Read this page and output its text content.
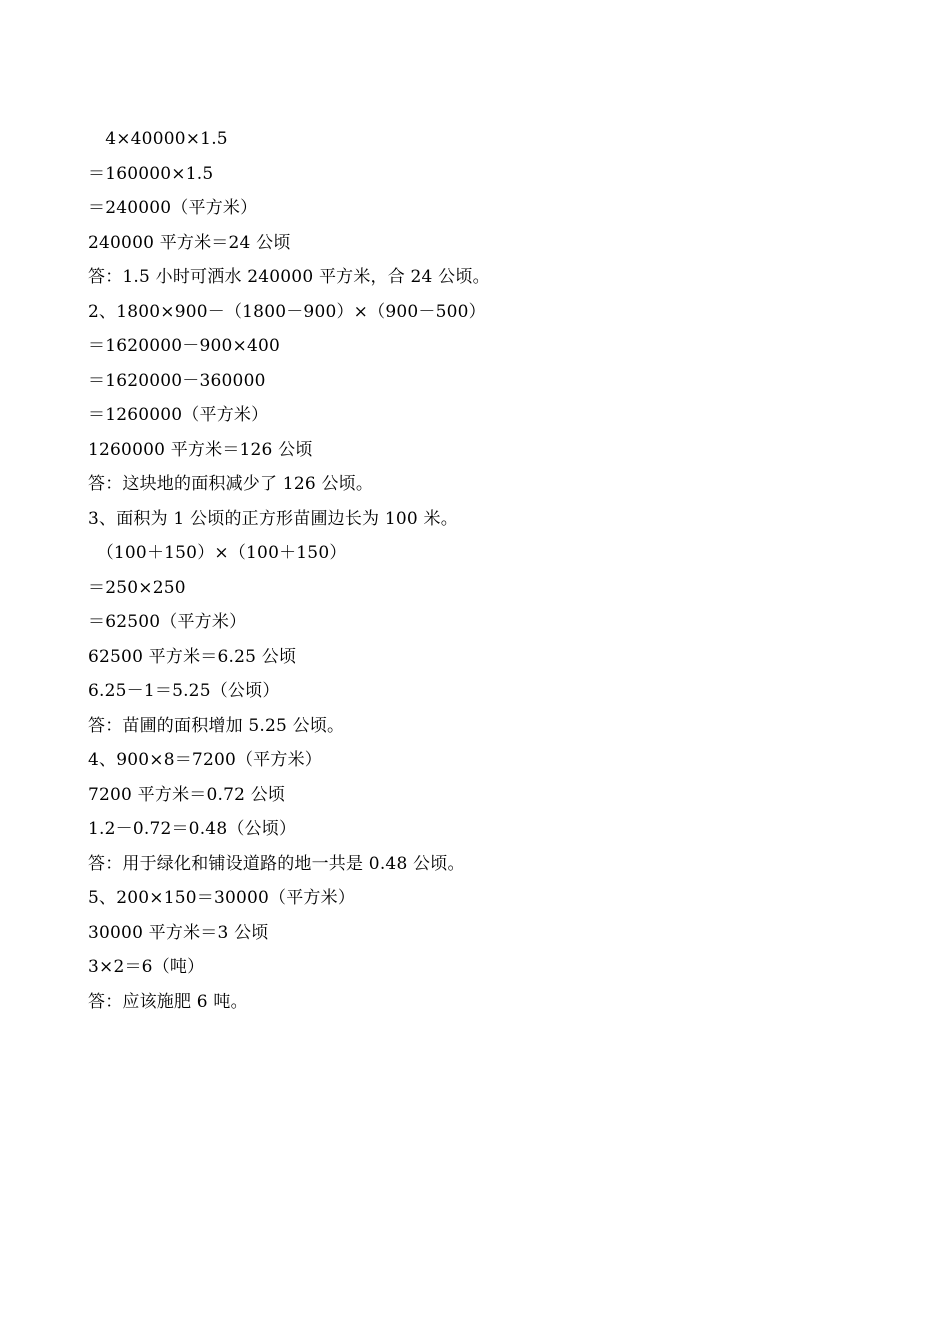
　4×40000×1.5
＝160000×1.5
＝240000（平方米）
240000 平方米＝24 公顷
答：1.5 小时可洒水 240000 平方米，合 24 公顷。
2、1800×900－（1800－900）×（900－500）
＝1620000－900×400
＝1620000－360000
＝1260000（平方米）
1260000 平方米＝126 公顷
答：这块地的面积减少了 126 公顷。
3、面积为 1 公顷的正方形苗圃边长为 100 米。
　（100＋150）×（100＋150）
＝250×250
＝62500（平方米）
62500 平方米＝6.25 公顷
6.25－1＝5.25（公顷）
答：苗圃的面积增加 5.25 公顷。
4、900×8＝7200（平方米）
7200 平方米＝0.72 公顷
1.2－0.72＝0.48（公顷）
答：用于绿化和铺设道路的地一共是 0.48 公顷。
5、200×150＝30000（平方米）
30000 平方米＝3 公顷
3×2＝6（吨）
答：应该施肥 6 吨。
